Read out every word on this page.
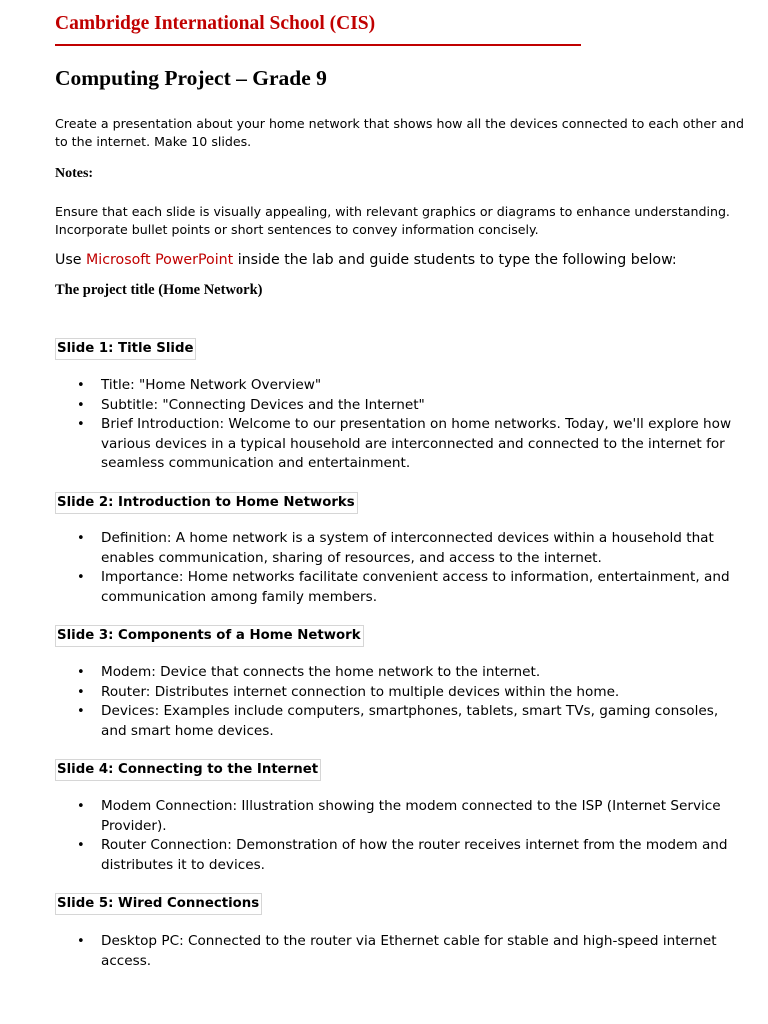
Cambridge International School (CIS)
Computing Project – Grade 9
Create a presentation about your home network that shows how all the devices connected to each other and to the internet. Make 10 slides.
Notes:
Ensure that each slide is visually appealing, with relevant graphics or diagrams to enhance understanding. Incorporate bullet points or short sentences to convey information concisely.
Use Microsoft PowerPoint inside the lab and guide students to type the following below:
The project title (Home Network)
Slide 1: Title Slide
• Title: "Home Network Overview"
• Subtitle: "Connecting Devices and the Internet"
• Brief Introduction: Welcome to our presentation on home networks. Today, we'll explore how various devices in a typical household are interconnected and connected to the internet for seamless communication and entertainment.
Slide 2: Introduction to Home Networks
• Definition: A home network is a system of interconnected devices within a household that enables communication, sharing of resources, and access to the internet.
• Importance: Home networks facilitate convenient access to information, entertainment, and communication among family members.
Slide 3: Components of a Home Network
• Modem: Device that connects the home network to the internet.
• Router: Distributes internet connection to multiple devices within the home.
• Devices: Examples include computers, smartphones, tablets, smart TVs, gaming consoles, and smart home devices.
Slide 4: Connecting to the Internet
• Modem Connection: Illustration showing the modem connected to the ISP (Internet Service Provider).
• Router Connection: Demonstration of how the router receives internet from the modem and distributes it to devices.
Slide 5: Wired Connections
• Desktop PC: Connected to the router via Ethernet cable for stable and high-speed internet access.
